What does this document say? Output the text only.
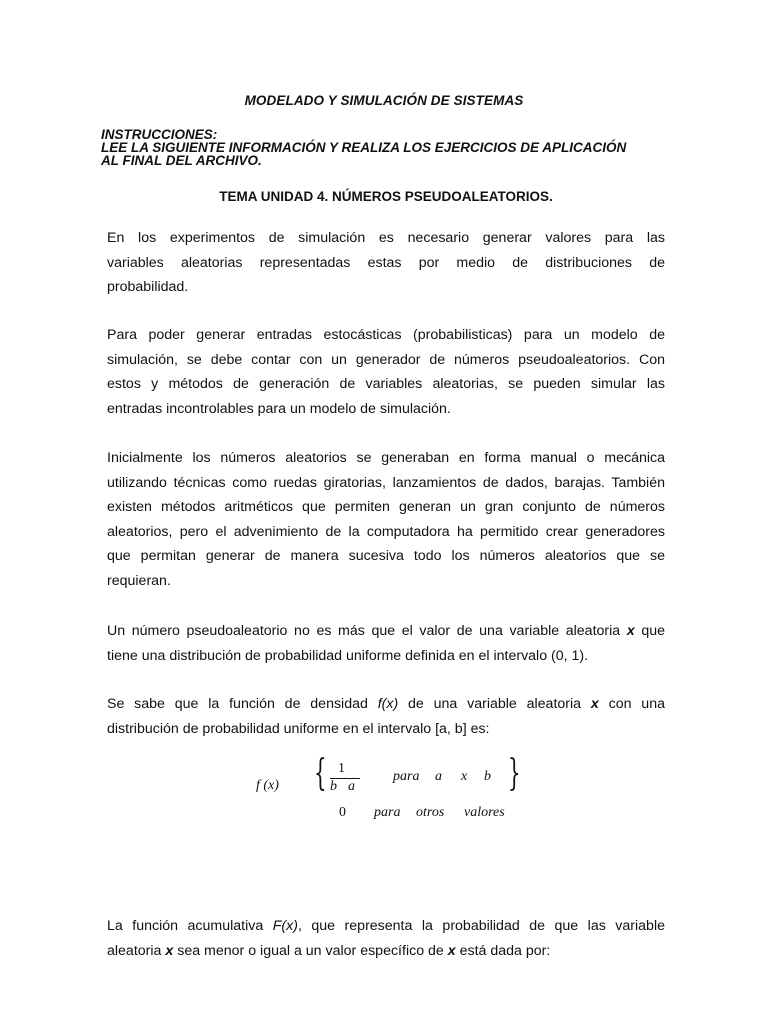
MODELADO Y SIMULACIÓN DE SISTEMAS
INSTRUCCIONES:
LEE LA SIGUIENTE INFORMACIÓN Y REALIZA LOS EJERCICIOS DE APLICACIÓN
AL FINAL DEL ARCHIVO.
TEMA UNIDAD 4. NÚMEROS PSEUDOALEATORIOS.
En los experimentos de simulación es necesario generar valores para las
variables aleatorias representadas estas por medio de distribuciones de
probabilidad.
Para poder generar entradas estocásticas (probabilisticas) para un modelo de
simulación, se debe contar con un generador de números pseudoaleatorios. Con
estos y métodos de generación de variables aleatorias, se pueden simular las
entradas incontrolables para un modelo de simulación.
Inicialmente los números aleatorios se generaban en forma manual o mecánica
utilizando técnicas como ruedas giratorias, lanzamientos de dados, barajas. También
existen métodos aritméticos que permiten generan un gran conjunto de números
aleatorios, pero el advenimiento de la computadora ha permitido crear generadores
que permitan generar de manera sucesiva todo los números aleatorios que se
requieran.
Un número pseudoaleatorio no es más que el valor de una variable aleatoria x que
tiene una distribución de probabilidad uniforme definida en el intervalo (0, 1).
Se sabe que la función de densidad f(x) de una variable aleatoria x con una
distribución de probabilidad uniforme en el intervalo [a, b] es:
f (x) { 1
b a
para a x b }
0 para otros valores
La función acumulativa F(x), que representa la probabilidad de que las variable
aleatoria x sea menor o igual a un valor específico de x está dada por:
